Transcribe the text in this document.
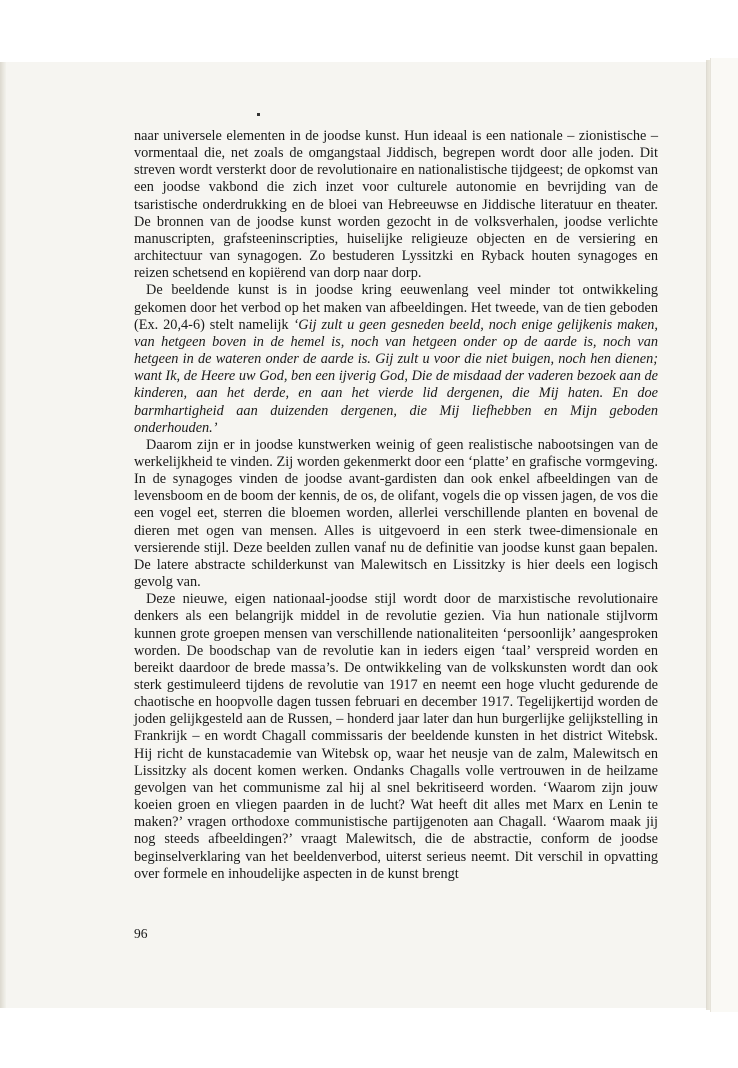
naar universele elementen in de joodse kunst. Hun ideaal is een nationale – zionistische – vormentaal die, net zoals de omgangstaal Jiddisch, begrepen wordt door alle joden. Dit streven wordt versterkt door de revolutionaire en nationalistische tijdgeest; de opkomst van een joodse vakbond die zich inzet voor culturele autonomie en bevrijding van de tsaristische onderdrukking en de bloei van Hebreeuwse en Jiddische literatuur en theater. De bronnen van de joodse kunst worden gezocht in de volksverhalen, joodse verlichte manuscripten, grafsteeninscripties, huiselijke religieuze objecten en de versiering en architectuur van synagogen. Zo bestuderen Lyssitzki en Ryback houten synagoges en reizen schetsend en kopiërend van dorp naar dorp.

De beeldende kunst is in joodse kring eeuwenlang veel minder tot ontwikkeling gekomen door het verbod op het maken van afbeeldingen. Het tweede, van de tien geboden (Ex. 20,4-6) stelt namelijk ‘Gij zult u geen gesneden beeld, noch enige gelijkenis maken, van hetgeen boven in de hemel is, noch van hetgeen onder op de aarde is, noch van hetgeen in de wateren onder de aarde is. Gij zult u voor die niet buigen, noch hen dienen; want Ik, de Heere uw God, ben een ijverig God, Die de misdaad der vaderen bezoek aan de kinderen, aan het derde, en aan het vierde lid dergenen, die Mij haten. En doe barmhartigheid aan duizenden dergenen, die Mij liefhebben en Mijn geboden onderhouden.’

Daarom zijn er in joodse kunstwerken weinig of geen realistische nabootsingen van de werkelijkheid te vinden. Zij worden gekenmerkt door een ‘platte’ en grafische vormgeving. In de synagoges vinden de joodse avant-gardisten dan ook enkel afbeeldingen van de levensboom en de boom der kennis, de os, de olifant, vogels die op vissen jagen, de vos die een vogel eet, sterren die bloemen worden, allerlei verschillende planten en bovenal de dieren met ogen van mensen. Alles is uitgevoerd in een sterk twee-dimensionale en versierende stijl. Deze beelden zullen vanaf nu de definitie van joodse kunst gaan bepalen. De latere abstracte schilderkunst van Malewitsch en Lissitzky is hier deels een logisch gevolg van.

Deze nieuwe, eigen nationaal-joodse stijl wordt door de marxistische revolutionaire denkers als een belangrijk middel in de revolutie gezien. Via hun nationale stijlvorm kunnen grote groepen mensen van verschillende nationaliteiten ‘persoonlijk’ aangesproken worden. De boodschap van de revolutie kan in ieders eigen ‘taal’ verspreid worden en bereikt daardoor de brede massa’s. De ontwikkeling van de volkskunsten wordt dan ook sterk gestimuleerd tijdens de revolutie van 1917 en neemt een hoge vlucht gedurende de chaotische en hoopvolle dagen tussen februari en december 1917. Tegelijkertijd worden de joden gelijkgesteld aan de Russen, – honderd jaar later dan hun burgerlijke gelijkstelling in Frankrijk – en wordt Chagall commissaris der beeldende kunsten in het district Witebsk. Hij richt de kunstacademie van Witebsk op, waar het neusje van de zalm, Malewitsch en Lissitzky als docent komen werken. Ondanks Chagalls volle vertrouwen in de heilzame gevolgen van het communisme zal hij al snel bekritiseerd worden. ‘Waarom zijn jouw koeien groen en vliegen paarden in de lucht? Wat heeft dit alles met Marx en Lenin te maken?’ vragen orthodoxe communistische partijgenoten aan Chagall. ‘Waarom maak jij nog steeds afbeeldingen?’ vraagt Malewitsch, die de abstractie, conform de joodse beginselverklaring van het beeldenverbod, uiterst serieus neemt. Dit verschil in opvatting over formele en inhoudelijke aspecten in de kunst brengt

96
